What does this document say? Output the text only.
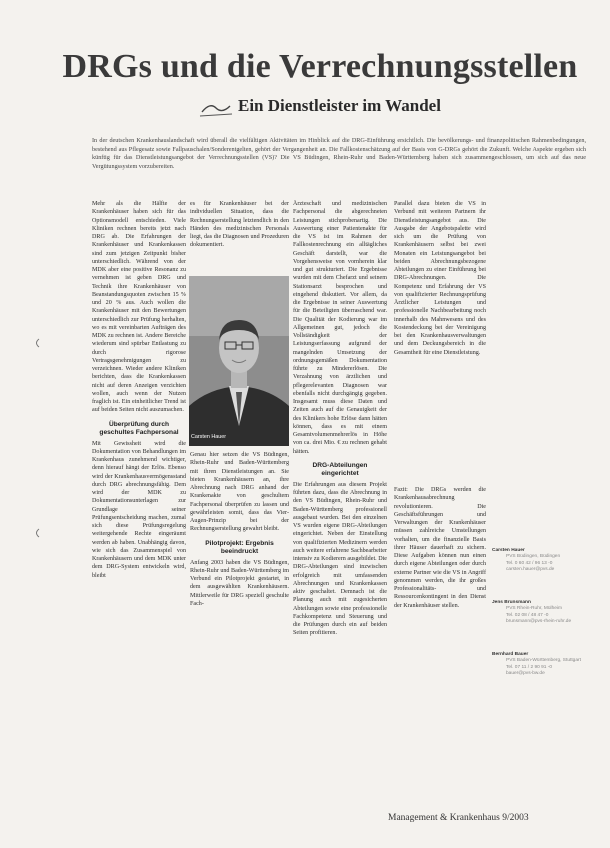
DRGs und die Verrechnungsstellen
Ein Dienstleister im Wandel
In der deutschen Krankenhauslandschaft wird überall die vielfältigen Aktivitäten im Hinblick auf die DRG-Einführung ersichtlich. Die bevölkerungs- und finanzpolitischen Rahmenbedingungen, bestehend aus Pflegesatz sowie Fallpauschalen/Sonderentgelten, gehört der Vergangenheit an. Die Fallkostenschätzung auf der Basis von G-DRGs gehört die Zukunft. Welche Aspekte ergeben sich künftig für das Dienstleistungsangebot der Verrechnungsstellen (VS)? Die VS Büdingen, Rhein-Ruhr und Baden-Württemberg haben sich zusammengeschlossen, um sich auf das neue Vergütungssystem vorzubereiten.

Mehr als die Hälfte der Krankenhäuser haben sich für das Optionsmodell entschieden. Viele Kliniken rechnen bereits jetzt nach DRG ab. Die Erfahrungen der Krankenhäuser und Krankenkassen sind zum jetzigen Zeitpunkt bisher unterschiedlich. Während von der MDK aber eine positive Resonanz zu vernehmen ist geben DRG und Technik ihre Krankenhäuser von Beanstandungsquoten zwischen 15 % und 20 % aus. Auch wollen die Krankenhäuser mit den Bewertungen unterschiedlich zur Prüfung herhalten, wo es mit vereinbarten Aufträgen des MDK zu rechnen ist. Andere Bereiche wiederum sind spürbar Entlastung zu durch rigorose Vertragsgenehmigungen zu verzeichnen. Wieder andere Kliniken berichten, dass die Krankenkassen nicht auf deren Anzeigen verzichten wollen, auch wenn der Nutzen fraglich ist. Ein einheitlicher Trend ist auf beiden Seiten nicht auszumachen.

Überprüfung durch geschultes Fachpersonal

Mit Gewissheit wird die Dokumentation von Behandlungen im Krankenhaus zunehmend wichtiger, denn hierauf hängt der Erlös. Ebenso wird der Krankenhausvermögensstand durch DRG abrechnungsfähig. Dem wird der MDK zu Dokumentationsunterlagen zur Grundlage seiner Prüfungsentscheidung machen, zumal sich diese Prüfungsregelung weitergehende Rechte eingeräumt werden ab haben. Unabhängig davon, wie sich das Zusammenspiel von Krankenhäusern und dem MDK unter dem DRG-System entwickeln wird, bleibt

es für Krankenhäuser bei der individuellen Situation, dass die Rechnungserstellung letztendlich in den Händen des medizinischen Personals liegt, das die Diagnosen und Prozeduren dokumentiert.

Carsten Hauer

Genau hier setzen die VS Büdingen, Rhein-Ruhr und Baden-Württemberg mit ihren Dienstleistungen an. Sie bieten Krankenhäusern an, ihre Abrechnung nach DRG anhand der Krankenakte von geschultem Fachpersonal überprüfen zu lassen und gewährleisten somit, dass das Vier-Augen-Prinzip bei der Rechnungserstellung gewahrt bleibt.

Pilotprojekt: Ergebnis beeindruckt

Anfang 2003 haben die VS Büdingen, Rhein-Ruhr und Baden-Württemberg im Verbund ein Pilotprojekt gestartet, in dem ausgewählten Krankenhäusern. Mittlerweile für DRG speziell geschulte Fach-

Ärzteschaft und medizinischen Fachpersonal die abgerechneten Leistungen stichprobenartig. Die Auswertung einer Patientenakte für die VS ist im Rahmen der Fallkostenrechnung ein alltägliches Geschäft darstellt, war die Vorgehensweise von vornherein klar und gut strukturiert. Die Ergebnisse wurden mit dem Chefarzt und seinem Stationsarzt besprochen und eingehend diskutiert. Vor allem, da die Ergebnisse in seiner Auswertung für die Beteiligten überraschend war. Die Qualität der Kodierung war im Allgemeinen gut, jedoch die Vollständigkeit der Leistungserfassung aufgrund der mangelnden Umsetzung der ordnungsgemäßen Dokumentation führte zu Mindererlösen. Die Verzahnung von ärztlichen und pflegerelevanten Diagnosen war ebenfalls nicht durchgängig gegeben. Insgesamt muss diese Daten und Zeiten auch auf die Genauigkeit der des Klinikers hohe Erlöse dann hätten können, dass es mit einem Gesamtvolumenmehrerlös in Höhe von ca. drei Mio. € zu rechnen gehabt hätten.

DRG-Abteilungen eingerichtet

Die Erfahrungen aus diesem Projekt führten dazu, dass die Abrechnung in den VS Büdingen, Rhein-Ruhr und Baden-Württemberg professionell ausgebaut wurden. Bei den einzelnen VS wurden eigene DRG-Abteilungen eingerichtet. Neben der Einstellung von qualifizierten Medizinern werden auch weitere erfahrene Sachbearbeiter intensiv zu Kodierern ausgebildet. Die DRG-Abteilungen sind inzwischen erfolgreich mit umfassenden Abrechnungen und Krankenkassen aktiv geschaltet. Demnach ist die Planung auch mit zugesicherten Abteilungen sowie eine professionelle Fachkompetenz und Steuerung und die Prüfungen durch ein auf beiden Seiten profitieren.

Parallel dazu bieten die VS in Verbund mit weiteren Partnern ihr Dienstleistungsangebot aus. Die Ausgabe der Angebotspalette wird sich um die Prüfung von Krankenhäusern selbst bei zwei Monaten ein Leistungsangebot bei beiden Abrechnungsbezogene Abteilungen zu einer Einführung bei DRG-Abrechnungen. Die Kompetenz und Erfahrung der VS von qualifizierter Rechnungsprüfung Ärztlicher Leistungen und professionelle Nachbearbeitung noch innerhalb des Mahnwesens und des Kostendeckung bei der Vereinigung bei den Krankenhausverwaltungen und dem Deckungsbereich in die Gesamtheit für eine Dienstleistung.

Fazit: Die DRGs werden die Krankenhausabrechnung revolutionieren. Die Geschäftsführungen und Verwaltungen der Krankenhäuser müssen zahlreiche Umstellungen vorhalten, um die finanzielle Basis ihrer Häuser dauerhaft zu sichern. Diese Aufgaben können nun einen durch eigene Abteilungen oder durch externe Partner wie die VS in Angriff genommen werden, die ihr großes Professionalitäts- und Ressourcenkontingent in den Dienst der Krankenhäuser stellen.

Carsten Hauer
PVS Büdingen, Büdingen
Tel. 0 60 42 / 96 13 -0
carsten.hauer@pvs.de
Jens Brunsmann
PVS Rhein-Ruhr, Mülheim
Tel. 02 08 / 48 47 -0
brunsmann@pvs-rhein-ruhr.de
Bernhard Bauer
PVS Baden-Württemberg, Stuttgart
Tel. 07 11 / 2 90 91 -0
bauer@pvs-bw.de
Management & Krankenhaus 9/2003
